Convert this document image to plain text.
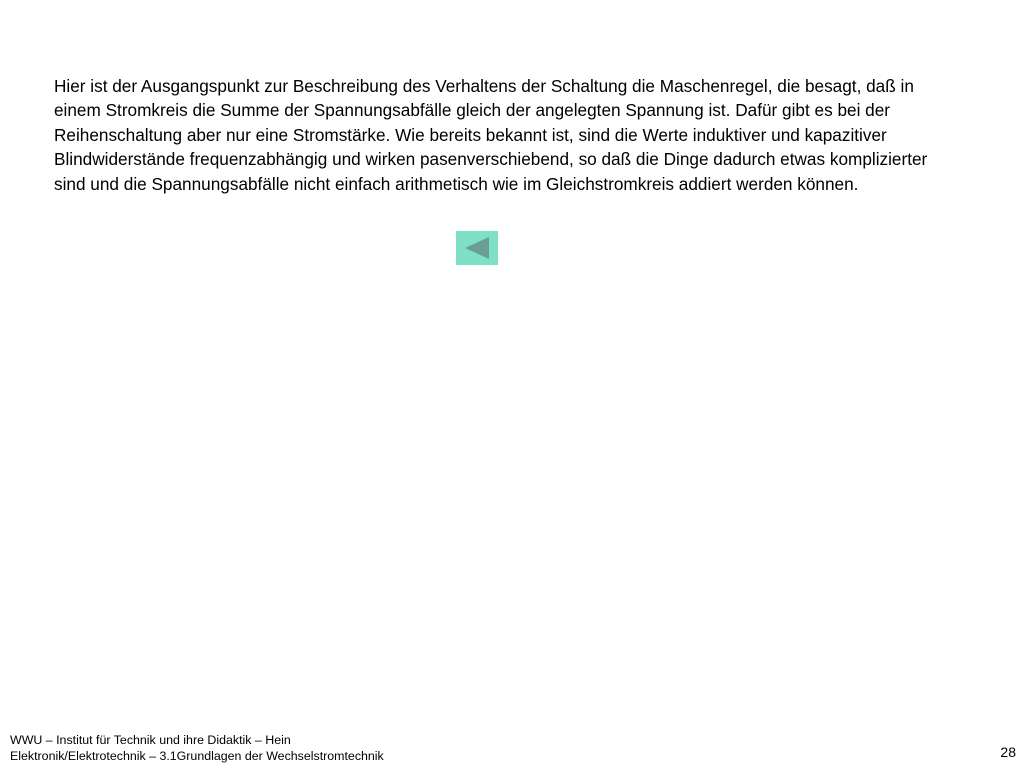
Hier ist der Ausgangspunkt zur Beschreibung des Verhaltens der Schaltung die Maschenregel, die besagt, daß in einem Stromkreis die Summe der Spannungsabfälle gleich der angelegten Spannung ist. Dafür gibt es bei der Reihenschaltung aber nur eine Stromstärke. Wie bereits bekannt ist, sind die Werte induktiver und kapazitiver Blindwiderstände frequenzabhängig und wirken pasenverschiebend, so daß die Dinge dadurch etwas komplizierter sind und die Spannungsabfälle nicht einfach arithmetisch wie im Gleichstromkreis addiert werden können.

WWU – Institut für Technik und ihre Didaktik – Hein
Elektronik/Elektrotechnik – 3.1Grundlagen der Wechselstromtechnik	28
